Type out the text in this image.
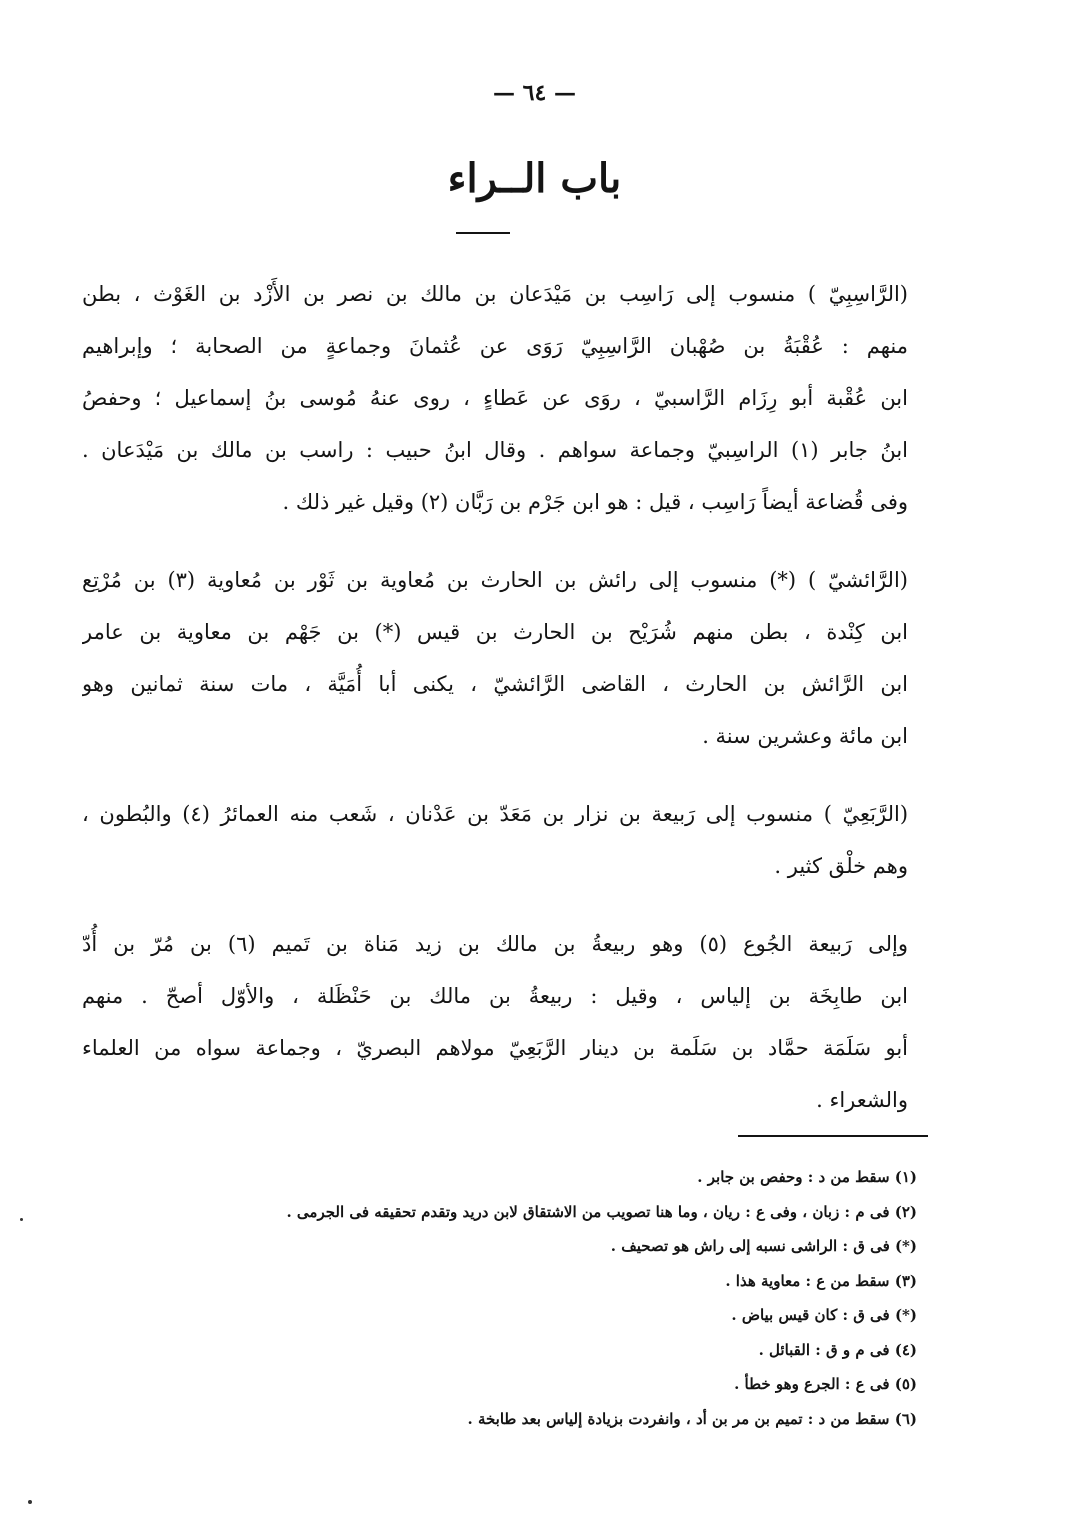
— ٦٤ —
باب الــراء

(الرَّاسِبِيّ ) منسوب إلى رَاسِب بن مَيْدَعان بن مالك بن نصر بن الأَزْد بن الغَوْث ، بطن
منهم : عُقْبَةُ بن صُهْبان الرَّاسِبِيّ رَوَى عن عُثمانَ وجماعةٍ من الصحابة ؛ وإبراهيم
ابن عُقْبة أبو رِزَام الرَّاسبيّ ، روَى عن عَطاءٍ ، روى عنهُ مُوسى بنُ إسماعيل ؛ وحفصُ
ابنُ جابر (١) الراسِبيّ وجماعة سواهم . وقال ابنُ حبيب : راسب بن مالك بن مَيْدَعان .
وفى قُضاعة أيضاً رَاسِب ، قيل : هو ابن جَرْم بن رَبَّان (٢) وقيل غير ذلك .

(الرَّائشيّ ) (*) منسوب إلى رائش بن الحارث بن مُعاوية بن ثَوْر بن مُعاوية (٣) بن مُرْتِع
ابن كِنْدة ، بطن منهم شُرَيْح بن الحارث بن قيس (*) بن جَهْم بن معاوية بن عامر
ابن الرَّائش بن الحارث ، القاضى الرَّائشيّ ، يكنى أبا أُمَيَّة ، مات سنة ثمانين وهو
ابن مائة وعشرين سنة .

(الرَّبَعِيّ ) منسوب إلى رَبيعة بن نزار بن مَعَدّ بن عَدْنان ، شَعب منه العمائرُ (٤) والبُطون ،
وهم خلْق كثير .

وإلى رَبيعة الجُوع (٥) وهو ربيعةُ بن مالك بن زيد مَناة بن تَميم (٦) بن مُرّ بن أُدّ
ابن طابِخَة بن إلياس ، وقيل : ربيعةُ بن مالك بن حَنْظَلة ، والأوّل أصحّ . منهم
أبو سَلَمَة حمَّاد بن سَلَمة بن دينار الرَّبَعِيّ مولاهم البصريّ ، وجماعة سواه من العلماء
والشعراء .

(١) سقط من د : وحفص بن جابر .
(٢) فى م : زبان ، وفى ع : ريان ، وما هنا تصويب من الاشتقاق لابن دريد وتقدم تحقيقه فى الجرمى .
(*) فى ق : الراشى نسبه إلى راش هو تصحيف .
(٣) سقط من ع : معاوية هذا .
(*) فى ق : كان قيس بياض .
(٤) فى م و ق : القبائل .
(٥) فى ع : الجرع وهو خطأ .
(٦) سقط من د : تميم بن مر بن أد ، وانفردت بزيادة إلياس بعد طابخة .
